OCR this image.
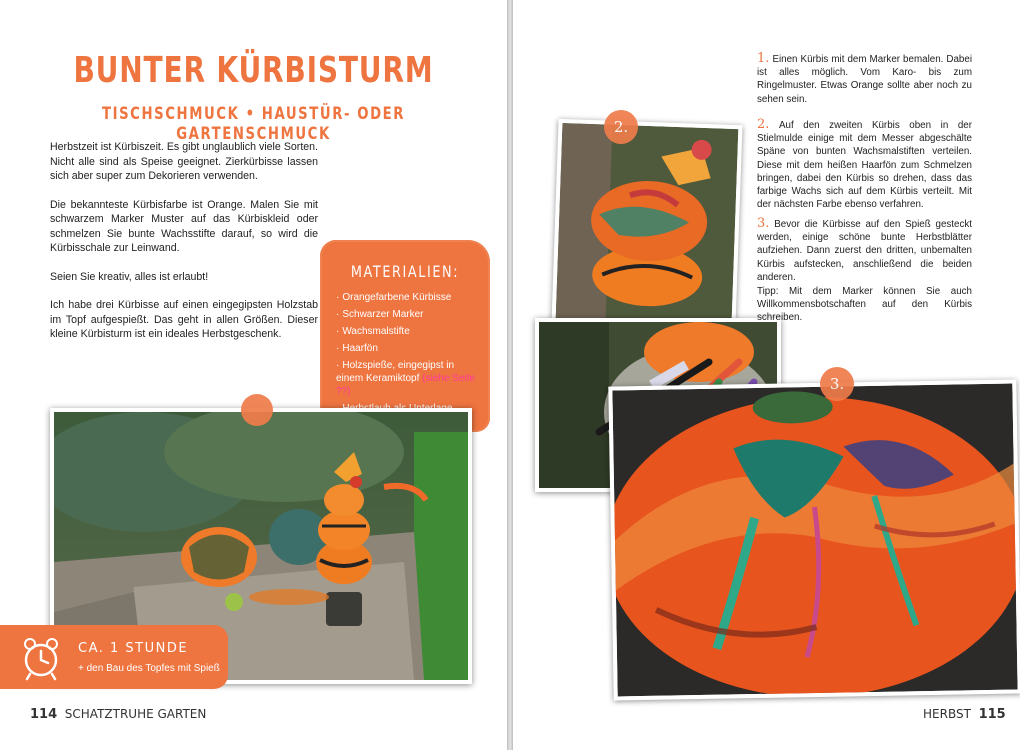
BUNTER KÜRBISTURM
TISCHSCHMUCK • HAUSTÜR- ODER GARTENSCHMUCK

Herbstzeit ist Kürbiszeit. Es gibt unglaublich viele Sorten. Nicht alle sind als Speise geeignet. Zierkürbisse lassen sich aber super zum Dekorieren verwenden.

Die bekannteste Kürbisfarbe ist Orange. Malen Sie mit schwarzem Marker Muster auf das Kürbiskleid oder schmelzen Sie bunte Wachsstifte darauf, so wird die Kürbisschale zur Leinwand.

Seien Sie kreativ, alles ist erlaubt!

Ich habe drei Kürbisse auf einen eingegipsten Holzstab im Topf aufgespießt. Das geht in allen Größen. Dieser kleine Kürbisturm ist ein ideales Herbstgeschenk.

MATERIALIEN:
· Orangefarbene Kürbisse
· Schwarzer Marker
· Wachsmalstifte
· Haarfön
· Holzspieße, eingegipst in einem Keramiktopf (siehe Seite ??)
CA. 1 STUNDE
+ den Bau des Topfes mit Spieß
114 SCHATZTRUHE GARTEN
2.
3.
1. Einen Kürbis mit dem Marker bemalen. Dabei ist alles möglich. Vom Karo- bis zum Ringelmuster. Etwas Orange sollte aber noch zu sehen sein.
2. Auf den zweiten Kürbis oben in der Stielmulde einige mit dem Messer abgeschälte Späne von bunten Wachsmalstiften verteilen. Diese mit dem heißen Haarfön zum Schmelzen bringen, dabei den Kürbis so drehen, dass das farbige Wachs sich auf dem Kürbis verteilt. Mit der nächsten Farbe ebenso verfahren.
3. Bevor die Kürbisse auf den Spieß gesteckt werden, einige schöne bunte Herbstblätter aufziehen. Dann zuerst den dritten, unbemalten Kürbis aufstecken, anschließend die beiden anderen.
Tipp: Mit dem Marker können Sie auch Willkommensbotschaften auf den Kürbis schreiben.
HERBST 115
